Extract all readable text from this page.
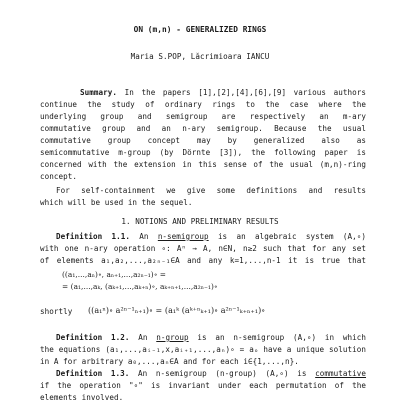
ON (m,n) - GENERALIZED RINGS
Maria S.POP, Lăcrimioara IANCU
Summary. In the papers [1],[2],[4],[6],[9] various authors
continue the study of ordinary rings to the case where the
underlying group and semigroup are respectively an m-ary
commutative group and an n-ary semigroup. Because the usual
commutative group concept may by generalized also as
semicommutative m-group (by Dörnte [3]), the following paper is
concerned with the extension in this sense of the usual (m,n)-ring
concept.
For self-containment we give some definitions and results
which will be used in the sequel.
1. NOTIONS AND PRELIMINARY RESULTS
Definition 1.1. An n-semigroup is an algebraic system (A,∘)
with one n-ary operation ∘: Aⁿ → A, n∈N, n≥2 such that for any set
of elements a₁,a₂,...,a₂ₙ₋₁∈A and any k=1,...,n-1 it is true that
((a₁,...,aₙ)∘, aₙ₊₁,...,a₂ₙ₋₁)∘ =
= (a₁,...,aₖ, (aₖ₊₁,...,aₖ₊ₙ)∘, aₖ₊ₙ₊₁,...,a₂ₙ₋₁)∘
shortly	((a₁ⁿ)∘ a²ⁿ⁻¹ₙ₊₁)∘ = (a₁ᵏ (aᵏ⁺ⁿₖ₊₁)∘ a²ⁿ⁻¹ₖ₊ₙ₊₁)∘
Definition 1.2. An n-group is an n-semigroup (A,∘) in which
the equations (a₁,...,aᵢ₋₁,x,aᵢ₊₁,...,aₙ)∘ = aₒ have a unique solution
in A for arbitrary a₀,...,aₙ∈A and for each i∈{1,...,n}.
Definition 1.3. An n-semigroup (n-group) (A,∘) is commutative
if the operation "∘" is invariant under each permutation of the
elements involved.
